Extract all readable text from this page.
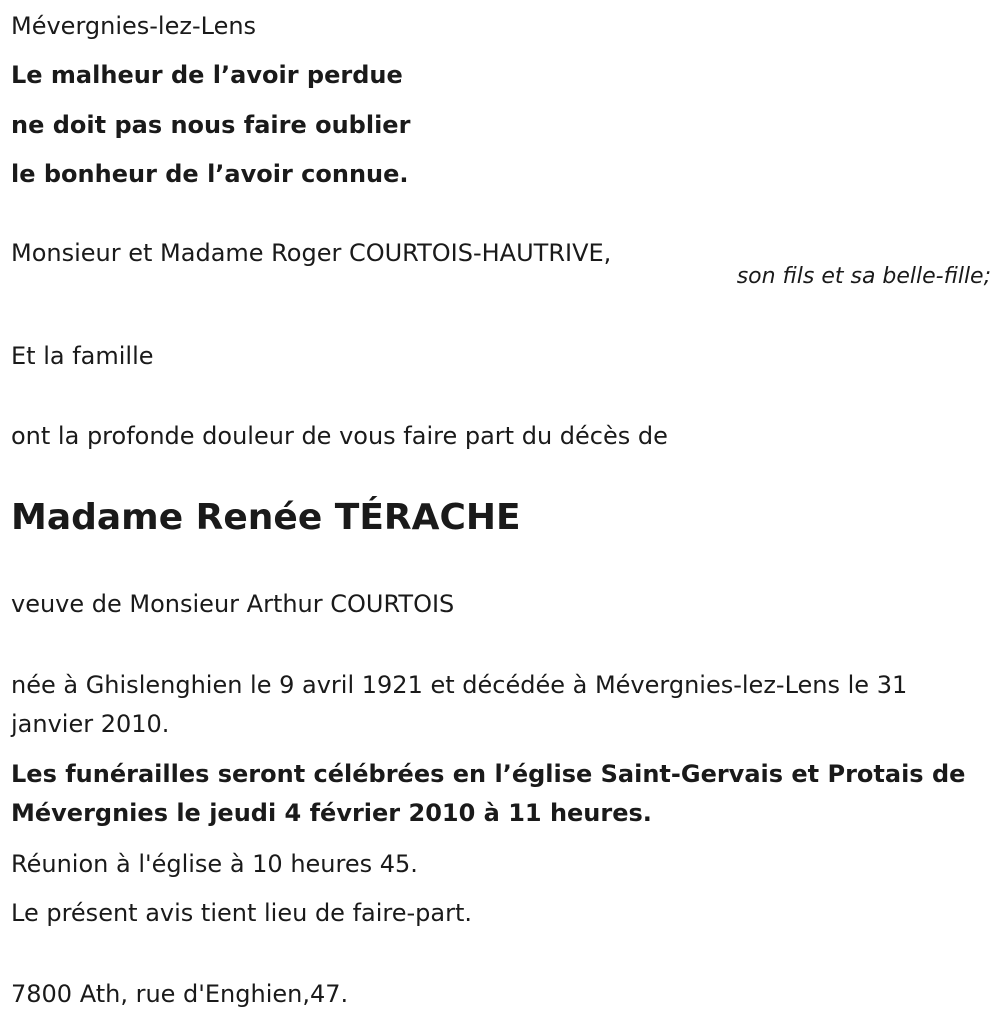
Mévergnies-lez-Lens

Le malheur de l’avoir perdue

ne doit pas nous faire oublier

le bonheur de l’avoir connue.

Monsieur et Madame Roger COURTOIS-HAUTRIVE,

son fils et sa belle-fille;

Et la famille

ont la profonde douleur de vous faire part du décès de

Madame Renée TÉRACHE

veuve de Monsieur Arthur COURTOIS

née à Ghislenghien le 9 avril 1921 et décédée à Mévergnies-lez-Lens le 31 janvier 2010.

Les funérailles seront célébrées en l’église Saint-Gervais et Protais de Mévergnies le jeudi 4 février 2010 à 11 heures.

Réunion à l'église à 10 heures 45.

Le présent avis tient lieu de faire-part.

7800 Ath, rue d'Enghien,47.
